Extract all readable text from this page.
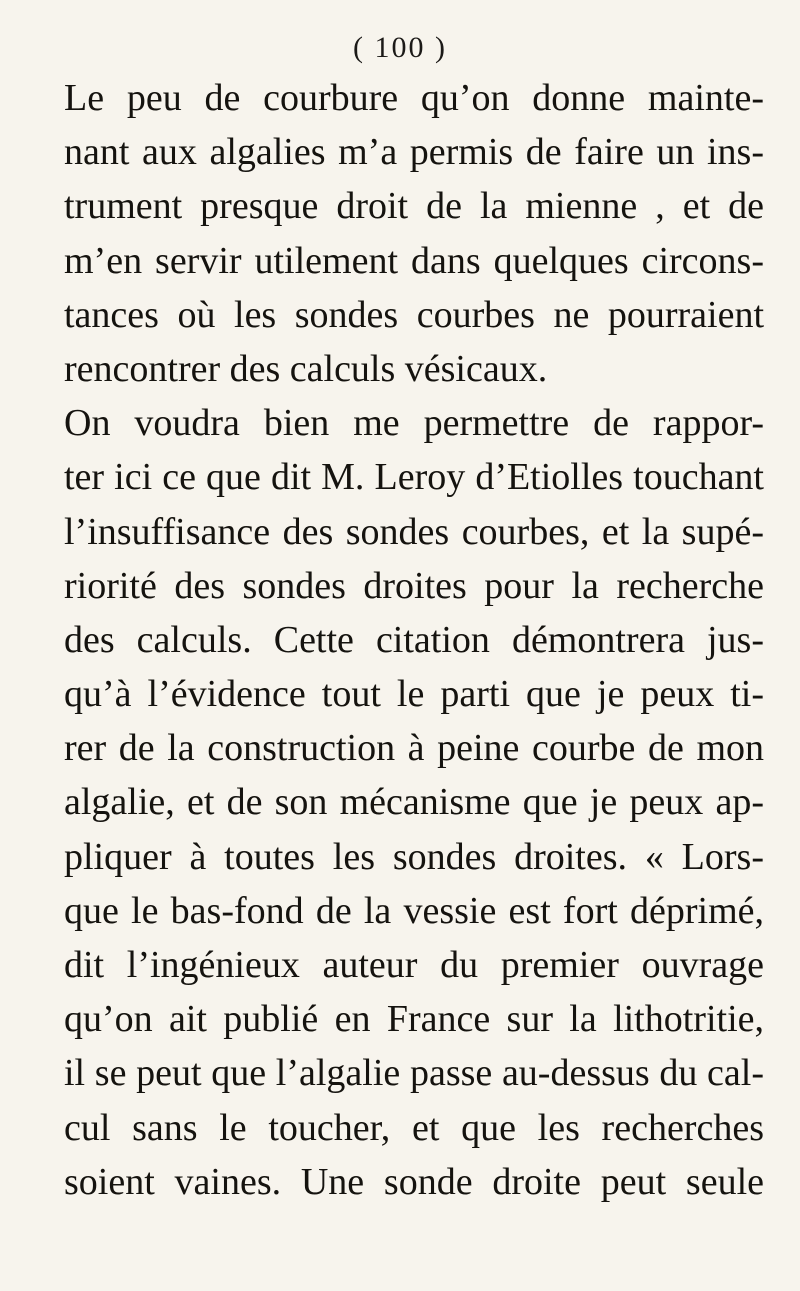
( 100 )
Le peu de courbure qu’on donne mainte-
nant aux algalies m’a permis de faire un ins-
trument presque droit de la mienne , et de
m’en servir utilement dans quelques circons-
tances où les sondes courbes ne pourraient
rencontrer des calculs vésicaux.
On voudra bien me permettre de rappor-
ter ici ce que dit M. Leroy d’Etiolles touchant
l’insuffisance des sondes courbes, et la supé-
riorité des sondes droites pour la recherche
des calculs. Cette citation démontrera jus-
qu’à l’évidence tout le parti que je peux ti-
rer de la construction à peine courbe de mon
algalie, et de son mécanisme que je peux ap-
pliquer à toutes les sondes droites. « Lors-
que le bas-fond de la vessie est fort déprimé,
dit l’ingénieux auteur du premier ouvrage
qu’on ait publié en France sur la lithotritie,
il se peut que l’algalie passe au-dessus du cal-
cul sans le toucher, et que les recherches
soient vaines. Une sonde droite peut seule
